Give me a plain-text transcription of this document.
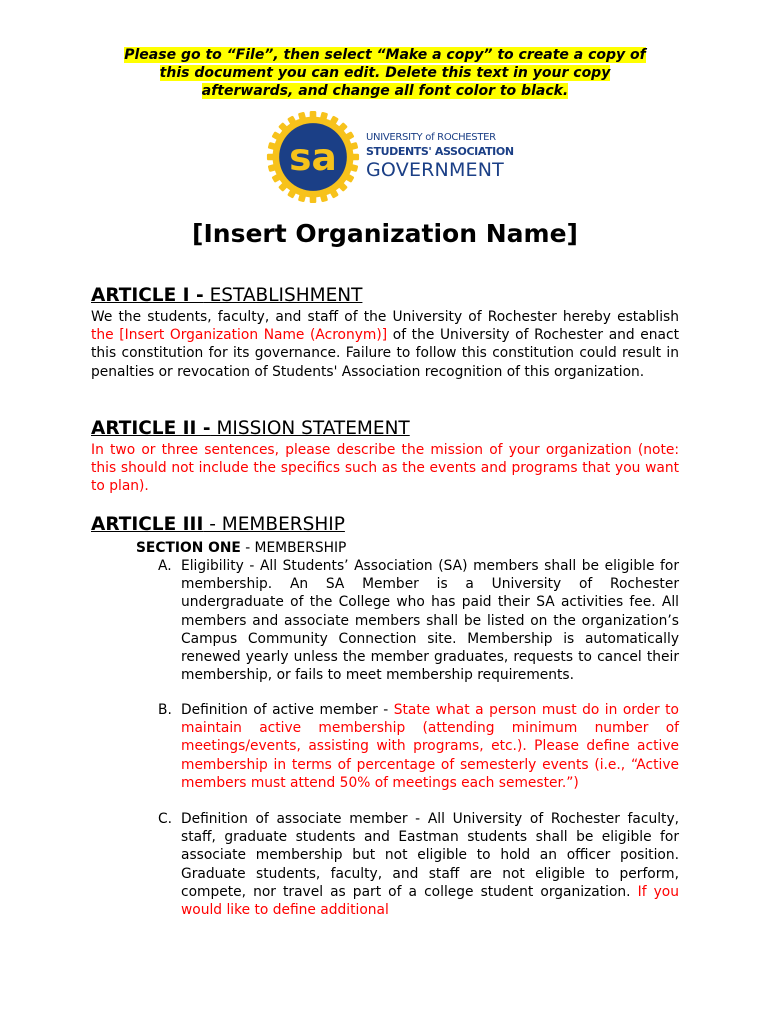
Please go to “File”, then select “Make a copy” to create a copy of
this document you can edit. Delete this text in your copy
afterwards, and change all font color to black.
sa	UNIVERSITY of ROCHESTER
STUDENTS' ASSOCIATION
GOVERNMENT
[Insert Organization Name]
ARTICLE I - ESTABLISHMENT
We the students, faculty, and staff of the University of Rochester hereby establish the [Insert Organization Name (Acronym)] of the University of Rochester and enact this constitution for its governance. Failure to follow this constitution could result in penalties or revocation of Students' Association recognition of this organization.
ARTICLE II - MISSION STATEMENT
In two or three sentences, please describe the mission of your organization (note: this should not include the specifics such as the events and programs that you want to plan).
ARTICLE III - MEMBERSHIP
SECTION ONE - MEMBERSHIP
A. Eligibility - All Students’ Association (SA) members shall be eligible for membership. An SA Member is a University of Rochester undergraduate of the College who has paid their SA activities fee. All members and associate members shall be listed on the organization’s Campus Community Connection site. Membership is automatically renewed yearly unless the member graduates, requests to cancel their membership, or fails to meet membership requirements.
B. Definition of active member - State what a person must do in order to maintain active membership (attending minimum number of meetings/events, assisting with programs, etc.). Please define active membership in terms of percentage of semesterly events (i.e., “Active members must attend 50% of meetings each semester.”)
C. Definition of associate member - All University of Rochester faculty, staff, graduate students and Eastman students shall be eligible for associate membership but not eligible to hold an officer position. Graduate students, faculty, and staff are not eligible to perform, compete, nor travel as part of a college student organization. If you would like to define additional
